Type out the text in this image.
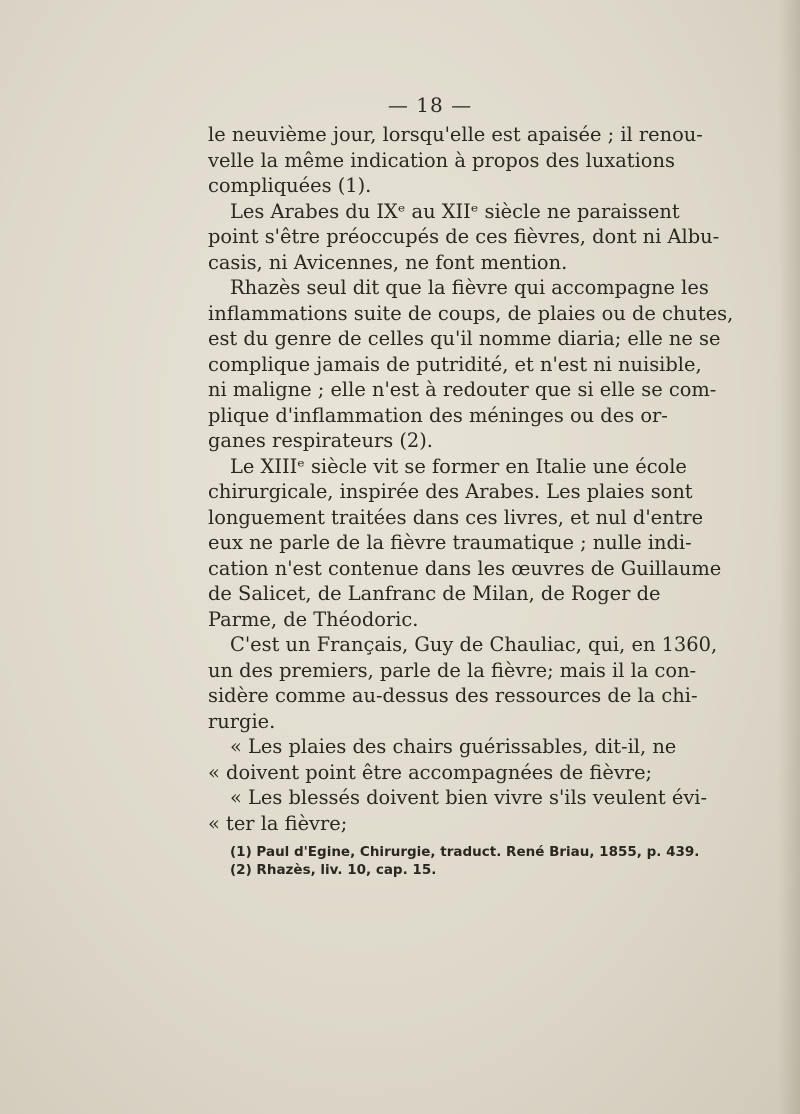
— 18 —

le neuvième jour, lorsqu'elle est apaisée ; il renou-
velle la même indication à propos des luxations
compliquées (1).

Les Arabes du IXᵉ au XIIᵉ siècle ne paraissent
point s'être préoccupés de ces fièvres, dont ni Albu-
casis, ni Avicennes, ne font mention.

Rhazès seul dit que la fièvre qui accompagne les
inflammations suite de coups, de plaies ou de chutes,
est du genre de celles qu'il nomme diaria; elle ne se
complique jamais de putridité, et n'est ni nuisible,
ni maligne ; elle n'est à redouter que si elle se com-
plique d'inflammation des méninges ou des or-
ganes respirateurs (2).

Le XIIIᵉ siècle vit se former en Italie une école
chirurgicale, inspirée des Arabes. Les plaies sont
longuement traitées dans ces livres, et nul d'entre
eux ne parle de la fièvre traumatique ; nulle indi-
cation n'est contenue dans les œuvres de Guillaume
de Salicet, de Lanfranc de Milan, de Roger de
Parme, de Théodoric.

C'est un Français, Guy de Chauliac, qui, en 1360,
un des premiers, parle de la fièvre; mais il la con-
sidère comme au-dessus des ressources de la chi-
rurgie.

« Les plaies des chairs guérissables, dit-il, ne
« doivent point être accompagnées de fièvre;

« Les blessés doivent bien vivre s'ils veulent évi-
« ter la fièvre;

(1) Paul d'Egine, Chirurgie, traduct. René Briau, 1855, p. 439.
(2) Rhazès, liv. 10, cap. 15.
